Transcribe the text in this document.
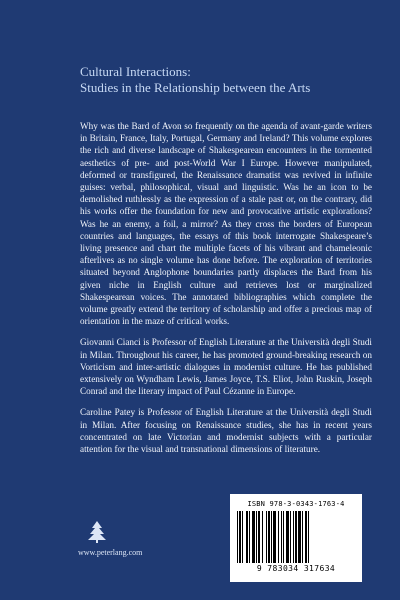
Cultural Interactions:
Studies in the Relationship between the Arts

Why was the Bard of Avon so frequently on the agenda of avant-garde writers in Britain, France, Italy, Portugal, Germany and Ireland? This volume explores the rich and diverse landscape of Shakespearean encounters in the tormented aesthetics of pre- and post-World War I Europe. However manipulated, deformed or transfigured, the Renaissance dramatist was revived in infinite guises: verbal, philosophical, visual and linguistic. Was he an icon to be demolished ruthlessly as the expression of a stale past or, on the contrary, did his works offer the foundation for new and provocative artistic explorations? Was he an enemy, a foil, a mirror? As they cross the borders of European countries and languages, the essays of this book interrogate Shakespeare’s living presence and chart the multiple facets of his vibrant and chameleonic afterlives as no single volume has done before. The exploration of territories situated beyond Anglophone boundaries partly displaces the Bard from his given niche in English culture and retrieves lost or marginalized Shakespearean voices. The annotated bibliographies which complete the volume greatly extend the territory of scholarship and offer a precious map of orientation in the maze of critical works.

Giovanni Cianci is Professor of English Literature at the Università degli Studi in Milan. Throughout his career, he has promoted ground-breaking research on Vorticism and inter-artistic dialogues in modernist culture. He has published extensively on Wyndham Lewis, James Joyce, T.S. Eliot, John Ruskin, Joseph Conrad and the literary impact of Paul Cézanne in Europe.

Caroline Patey is Professor of English Literature at the Università degli Studi in Milan. After focusing on Renaissance studies, she has in recent years concentrated on late Victorian and modernist subjects with a particular attention for the visual and transnational dimensions of literature.

www.peterlang.com
ISBN 978-3-0343-1763-4
9 783034 317634
